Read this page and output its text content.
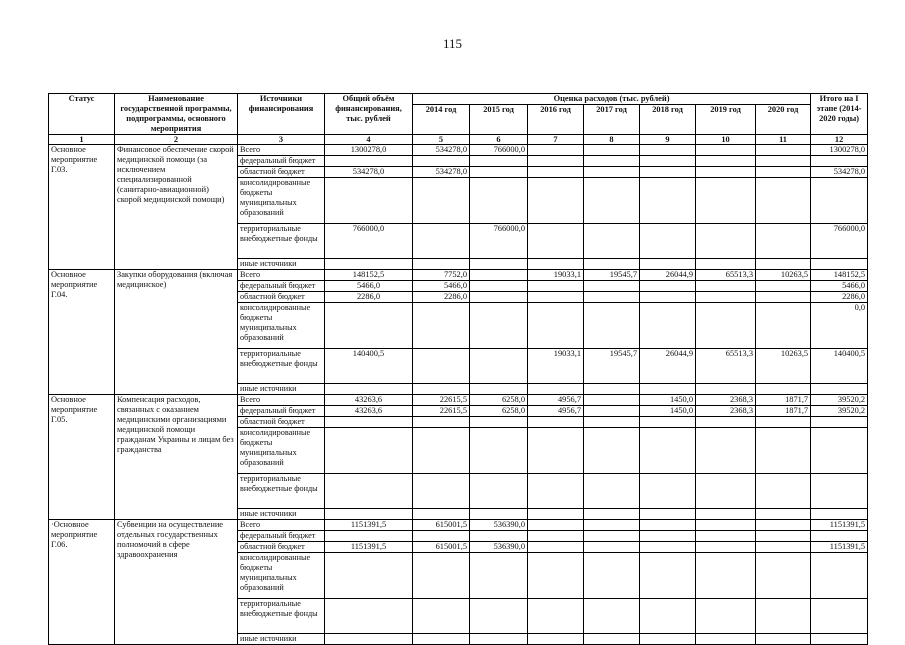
115
Статус	Наименование государственной программы, подпрограммы, основного мероприятия	Источники финансирования	Общий объём финансирования, тыс. рублей	Оценка расходов (тыс. рублей)							Итого на I этапе (2014-2020 годы)
				2014 год	2015 год	2016 год	2017 год	2018 год	2019 год	2020 год	
1	2	3	4	5	6	7	8	9	10	11	12
Основное мероприятие Г.03.	Финансовое обеспечение скорой медицинской помощи (за исключением специализированной (санитарно-авиационной) скорой медицинской помощи)	Всего	1300278,0	534278,0	766000,0						1300278,0
		федеральный бюджет									
		областной бюджет	534278,0	534278,0							534278,0
		консолидированные бюджеты муниципальных образований									
		территориальные внебюджетные фонды	766000,0		766000,0						766000,0
		иные источники									
Основное мероприятие Г.04.	Закупки оборудования (включая медицинское)	Всего	148152,5	7752,0		19033,1	19545,7	26044,9	65513,3	10263,5	148152,5
		федеральный бюджет	5466,0	5466,0							5466,0
		областной бюджет	2286,0	2286,0							2286,0
		консолидированные бюджеты муниципальных образований									0,0
		территориальные внебюджетные фонды	140400,5			19033,1	19545,7	26044,9	65513,3	10263,5	140400,5
		иные источники									
Основное мероприятие Г.05.	Компенсация расходов, связанных с оказанием медицинскими организациями медицинской помощи гражданам Украины и лицам без гражданства	Всего	43263,6	22615,5	6258,0	4956,7		1450,0	2368,3	1871,7	39520,2
		федеральный бюджет	43263,6	22615,5	6258,0	4956,7		1450,0	2368,3	1871,7	39520,2
		областной бюджет									
		консолидированные бюджеты муниципальных образований									
		территориальные внебюджетные фонды									
		иные источники									
·Основное мероприятие Г.06.	Субвенции на осуществление отдельных государственных полномочий в сфере здравоохранения	Всего	1151391,5	615001,5	536390,0						1151391,5
		федеральный бюджет									
		областной бюджет	1151391,5	615001,5	536390,0						1151391,5
		консолидированные бюджеты муниципальных образований									
		территориальные внебюджетные фонды									
		иные источники									
